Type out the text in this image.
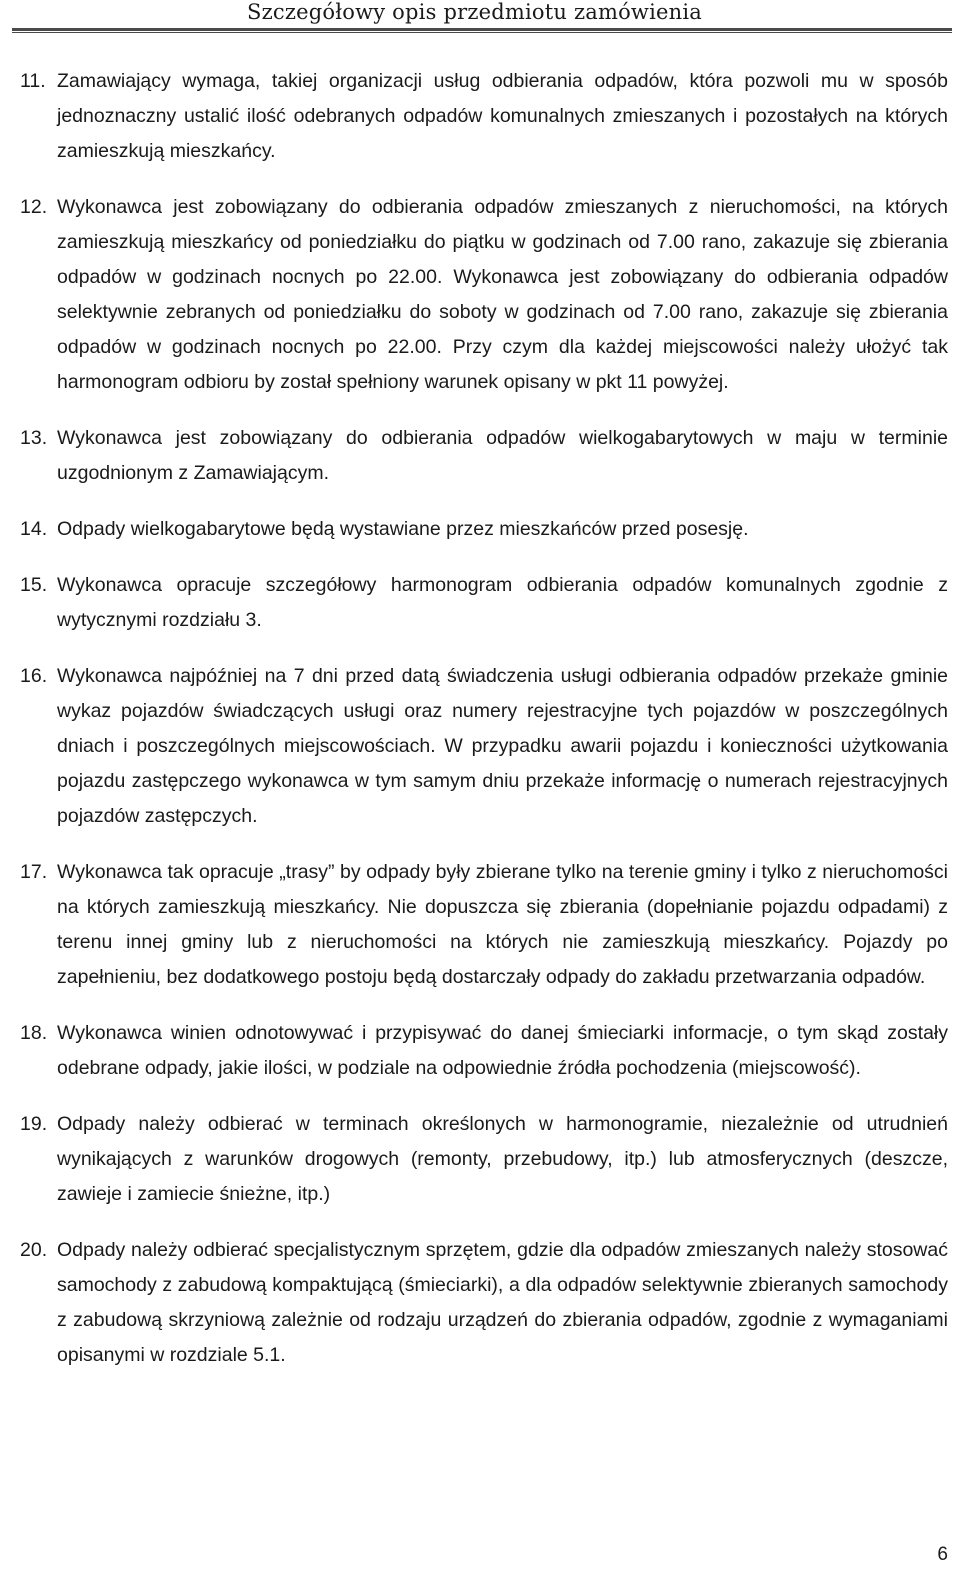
Szczegółowy opis przedmiotu zamówienia
11. Zamawiający wymaga, takiej organizacji usług odbierania odpadów, która pozwoli mu w sposób jednoznaczny ustalić ilość odebranych odpadów komunalnych zmieszanych i pozostałych na których zamieszkują mieszkańcy.
12. Wykonawca jest zobowiązany do odbierania odpadów zmieszanych z nieruchomości, na których zamieszkują mieszkańcy od poniedziałku do piątku w godzinach od 7.00 rano, zakazuje się zbierania odpadów w godzinach nocnych po 22.00. Wykonawca jest zobowiązany do odbierania odpadów selektywnie zebranych od poniedziałku do soboty w godzinach od 7.00 rano, zakazuje się zbierania odpadów w godzinach nocnych po 22.00. Przy czym dla każdej miejscowości należy ułożyć tak harmonogram odbioru by został spełniony warunek opisany w pkt 11 powyżej.
13. Wykonawca jest zobowiązany do odbierania odpadów wielkogabarytowych w maju w terminie uzgodnionym z Zamawiającym.
14. Odpady wielkogabarytowe będą wystawiane przez mieszkańców przed posesję.
15. Wykonawca opracuje szczegółowy harmonogram odbierania odpadów komunalnych zgodnie z wytycznymi rozdziału 3.
16. Wykonawca najpóźniej na 7 dni przed datą świadczenia usługi odbierania odpadów przekaże gminie wykaz pojazdów świadczących usługi oraz numery rejestracyjne tych pojazdów w poszczególnych dniach i poszczególnych miejscowościach. W przypadku awarii pojazdu i konieczności użytkowania pojazdu zastępczego wykonawca w tym samym dniu przekaże informację o numerach rejestracyjnych pojazdów zastępczych.
17. Wykonawca tak opracuje „trasy” by odpady były zbierane tylko na terenie gminy i tylko z nieruchomości na których zamieszkują mieszkańcy. Nie dopuszcza się zbierania (dopełnianie pojazdu odpadami) z terenu innej gminy lub z nieruchomości na których nie zamieszkują mieszkańcy. Pojazdy po zapełnieniu, bez dodatkowego postoju będą dostarczały odpady do zakładu przetwarzania odpadów.
18. Wykonawca winien odnotowywać i przypisywać do danej śmieciarki informacje, o tym skąd zostały odebrane odpady, jakie ilości, w podziale na odpowiednie źródła pochodzenia (miejscowość).
19. Odpady należy odbierać w terminach określonych w harmonogramie, niezależnie od utrudnień wynikających z warunków drogowych (remonty, przebudowy, itp.) lub atmosferycznych (deszcze, zawieje i zamiecie śnieżne, itp.)
20. Odpady należy odbierać specjalistycznym sprzętem, gdzie dla odpadów zmieszanych należy stosować samochody z zabudową kompaktującą (śmieciarki), a dla odpadów selektywnie zbieranych samochody z zabudową skrzyniową zależnie od rodzaju urządzeń do zbierania odpadów, zgodnie z wymaganiami opisanymi w rozdziale 5.1.
6
